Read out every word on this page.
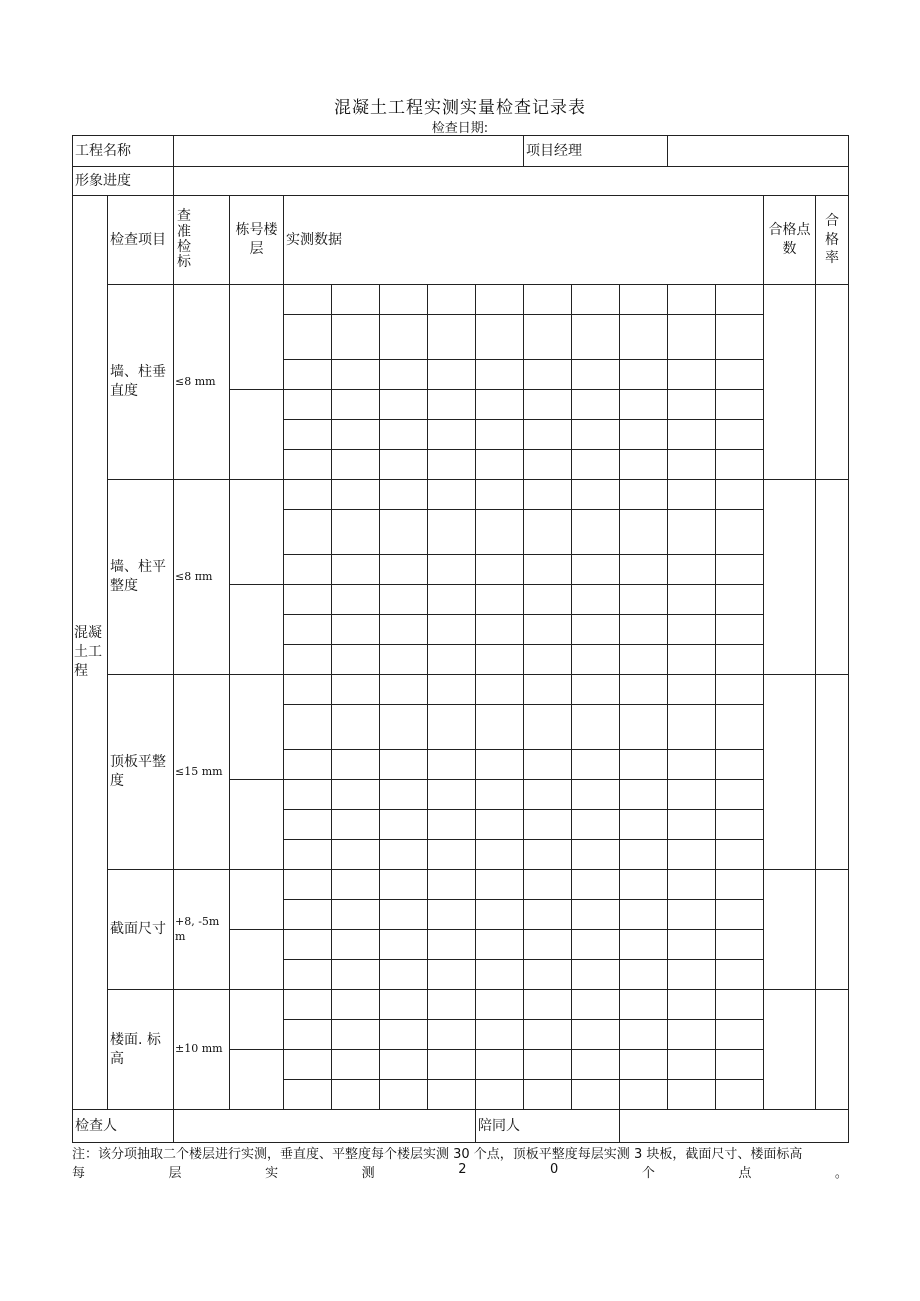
混凝土工程实测实量检查记录表
检查日期:
工程名称									项目经理						
形象进度															

混凝土工程	检查项目	查准检标	栋号楼层	实测数据										合格点数	合格率

	墙、柱垂直度	≤8 mm													

	墙、柱平整度	≤8 πm													

	顶板平整度	≤15 mm													

	截面尺寸	+8, -5mm													

	楼面. 标高	±10 mm													

检查人								陪同人							
注：该分项抽取二个楼层进行实测，垂直度、平整度每个楼层实测 30 个点，顶板平整度每层实测 3 块板，截面尺寸、楼面标高
每	层	实	测	2	0	个	点	。
